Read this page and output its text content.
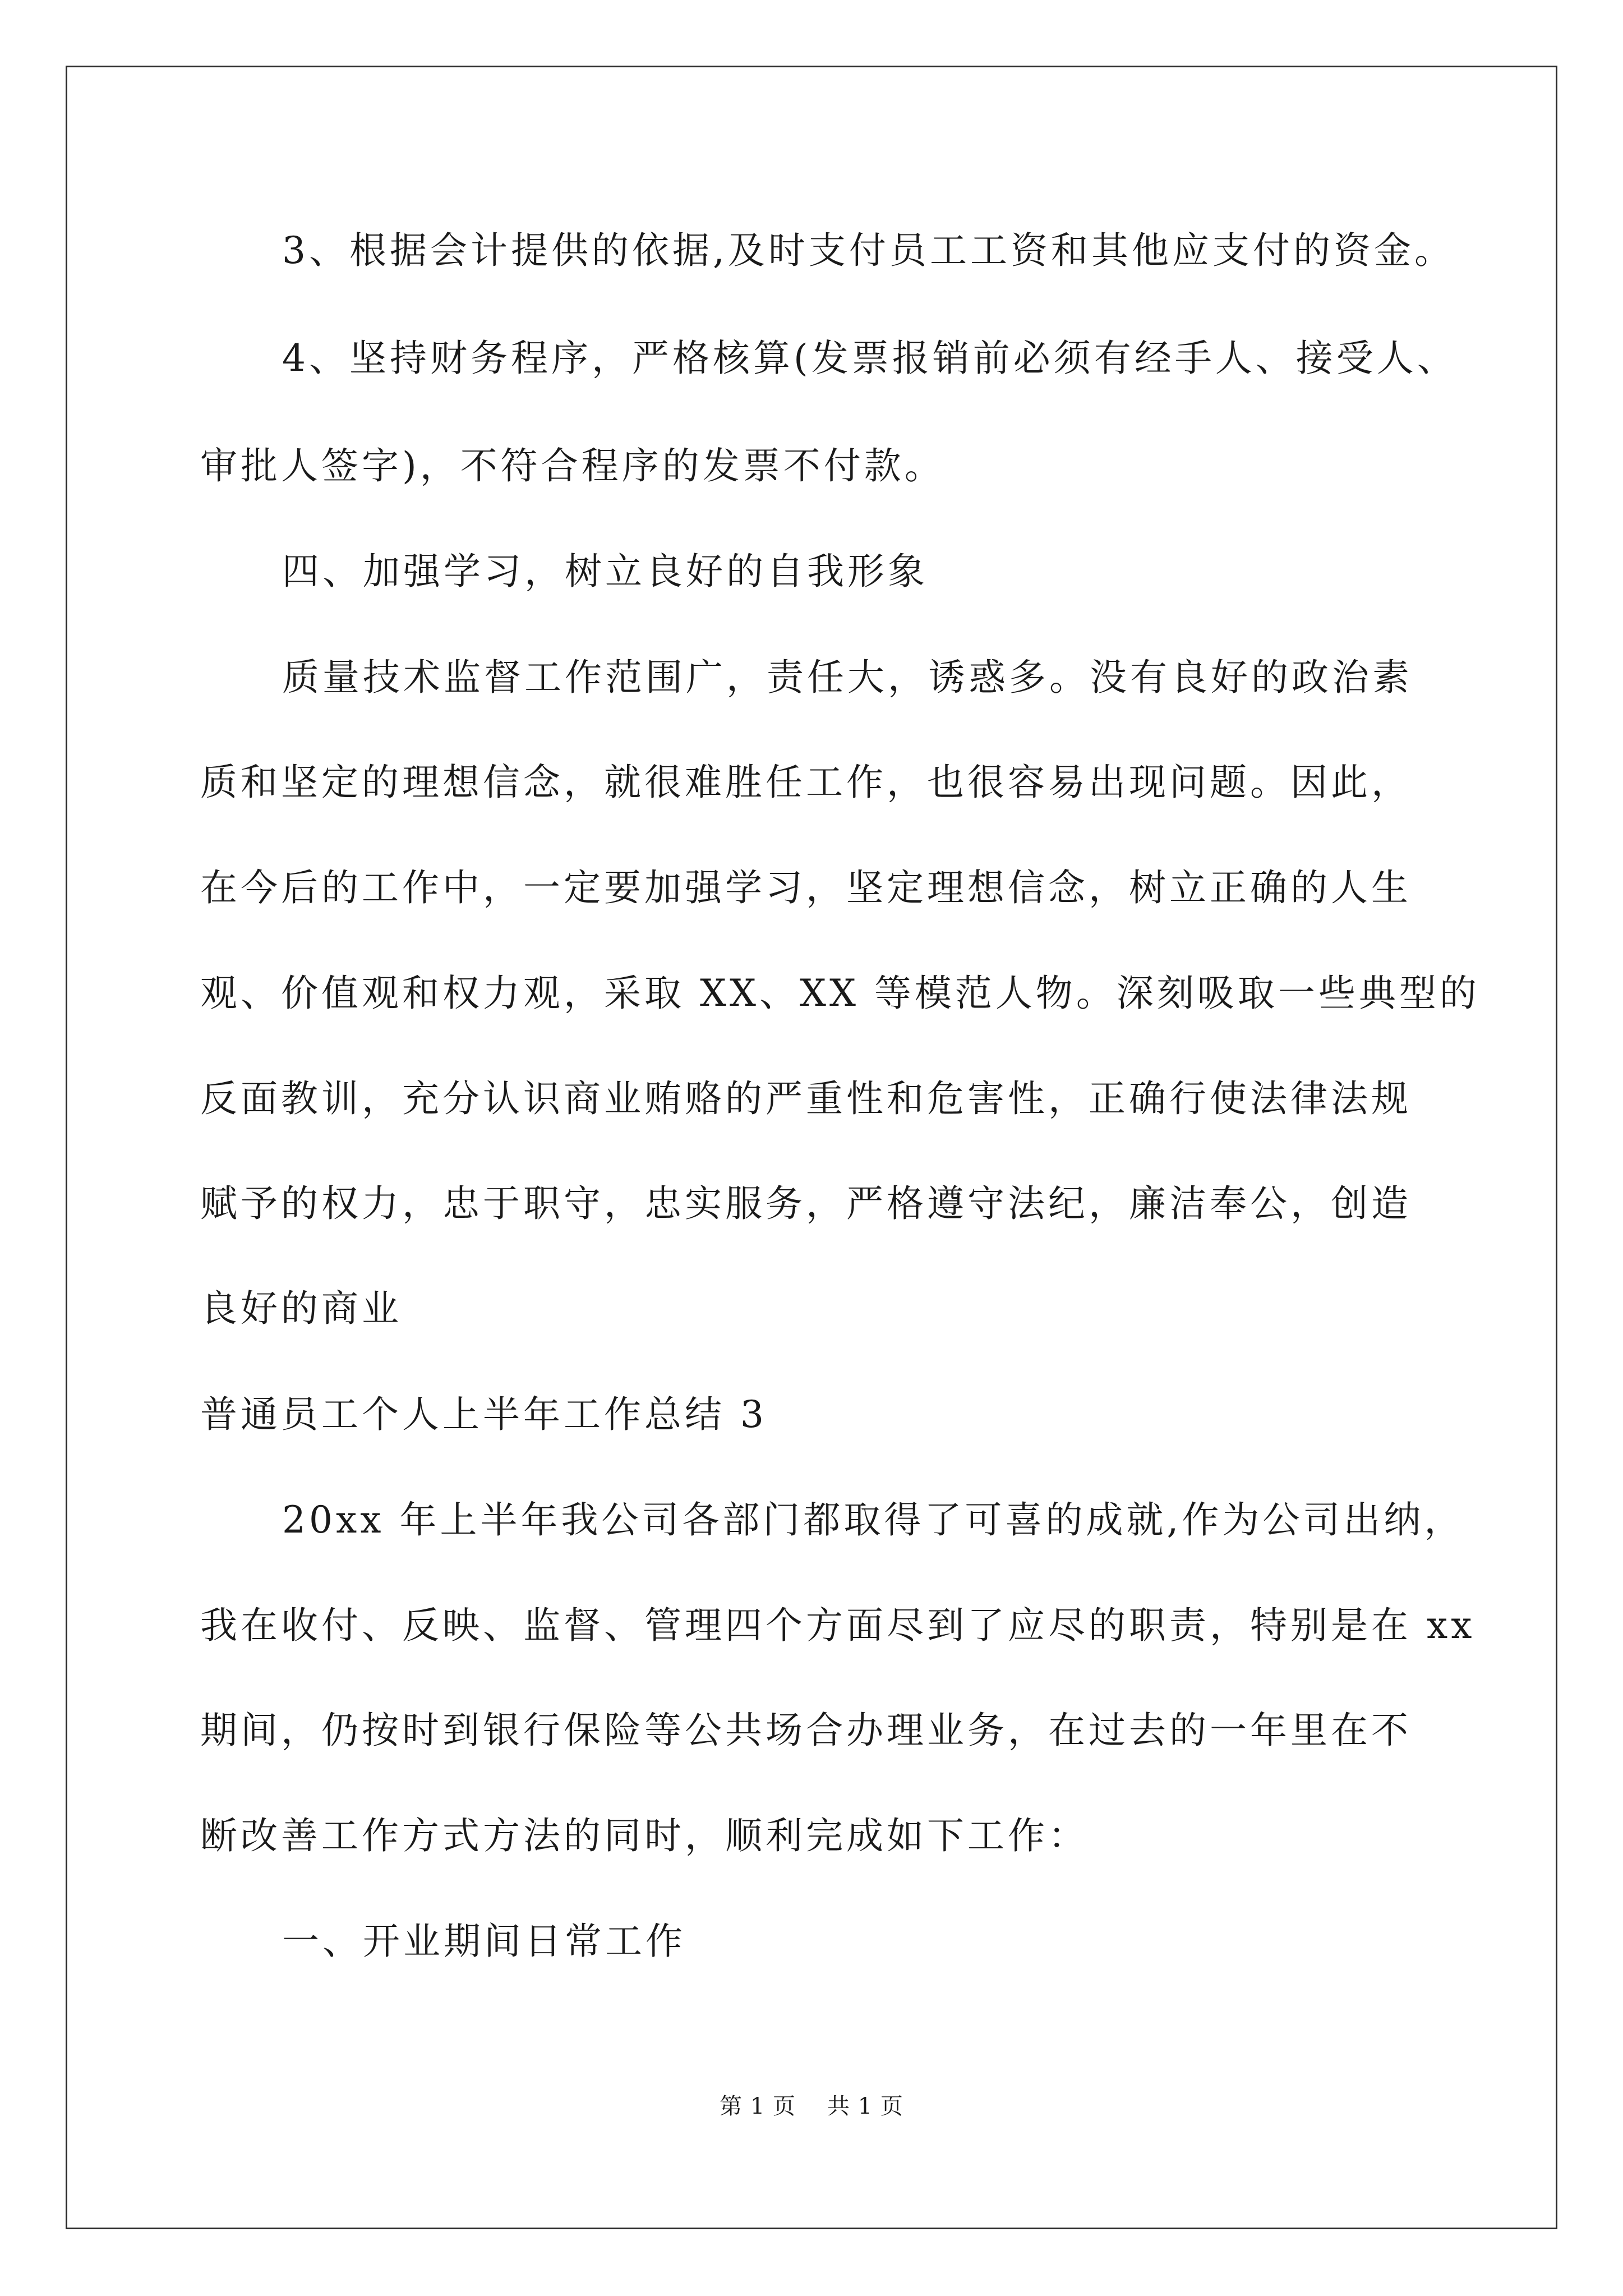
3、根据会计提供的依据,及时支付员工工资和其他应支付的资金。
4、坚持财务程序，严格核算(发票报销前必须有经手人、接受人、
审批人签字)，不符合程序的发票不付款。
四、加强学习，树立良好的自我形象
质量技术监督工作范围广，责任大，诱惑多。没有良好的政治素
质和坚定的理想信念，就很难胜任工作，也很容易出现问题。因此，
在今后的工作中，一定要加强学习，坚定理想信念，树立正确的人生
观、价值观和权力观，采取 XX、XX 等模范人物。深刻吸取一些典型的
反面教训，充分认识商业贿赂的严重性和危害性，正确行使法律法规
赋予的权力，忠于职守，忠实服务，严格遵守法纪，廉洁奉公，创造
良好的商业
普通员工个人上半年工作总结 3
20xx 年上半年我公司各部门都取得了可喜的成就,作为公司出纳，
我在收付、反映、监督、管理四个方面尽到了应尽的职责，特别是在 xx
期间，仍按时到银行保险等公共场合办理业务，在过去的一年里在不
断改善工作方式方法的同时，顺利完成如下工作：
一、开业期间日常工作
第 1 页 共 1 页
